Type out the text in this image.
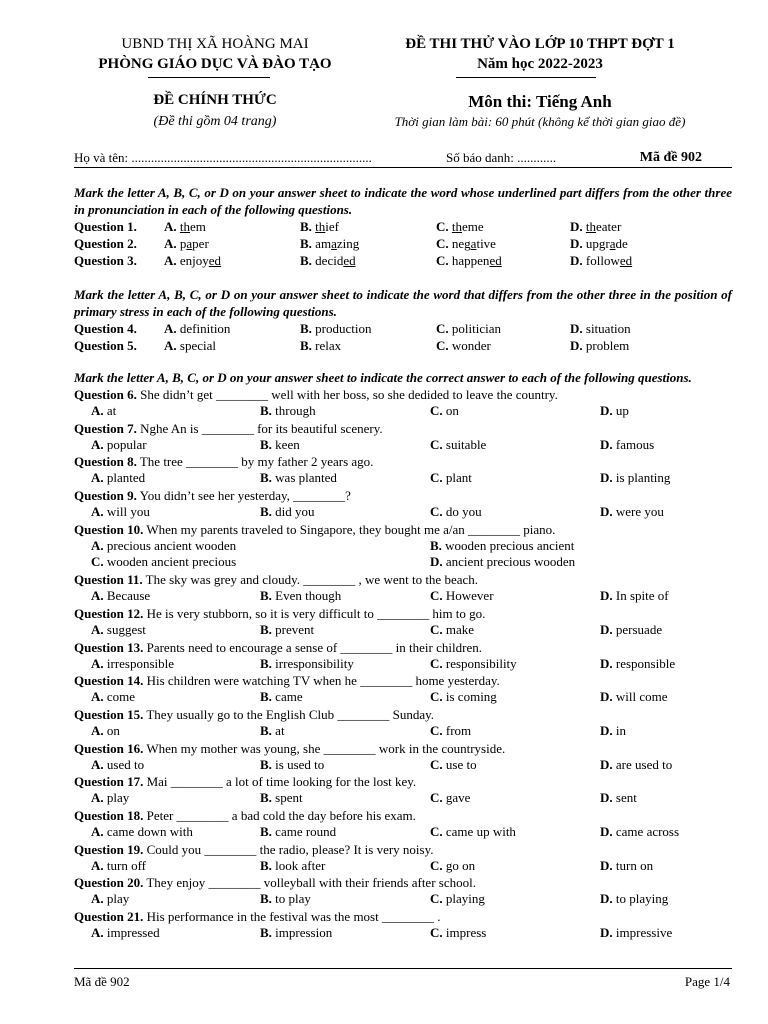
UBND THỊ XÃ HOÀNG MAI
PHÒNG GIÁO DỤC VÀ ĐÀO TẠO
ĐỀ CHÍNH THỨC
(Đề thi gồm 04 trang)
ĐỀ THI THỬ VÀO LỚP 10 THPT ĐỢT 1
Năm học 2022-2023
Môn thi: Tiếng Anh
Thời gian làm bài: 60 phút (không kể thời gian giao đề)
Họ và tên: ..........................................................................	Số báo danh: ............	Mã đề 902
Mark the letter A, B, C, or D on your answer sheet to indicate the word whose underlined part differs from the other three in pronunciation in each of the following questions.
Question 1. A. them	B. thief	C. theme	D. theater
Question 2. A. paper	B. amazing	C. negative	D. upgrade
Question 3. A. enjoyed	B. decided	C. happened	D. followed
Mark the letter A, B, C, or D on your answer sheet to indicate the word that differs from the other three in the position of primary stress in each of the following questions.
Question 4. A. definition	B. production	C. politician	D. situation
Question 5. A. special	B. relax	C. wonder	D. problem
Mark the letter A, B, C, or D on your answer sheet to indicate the correct answer to each of the following questions.
Question 6. She didn’t get ________ well with her boss, so she dedided to leave the country.
A. at	B. through	C. on	D. up
Question 7. Nghe An is ________ for its beautiful scenery.
A. popular	B. keen	C. suitable	D. famous
Question 8. The tree ________ by my father 2 years ago.
A. planted	B. was planted	C. plant	D. is planting
Question 9. You didn’t see her yesterday, ________?
A. will you	B. did you	C. do you	D. were you
Question 10. When my parents traveled to Singapore, they bought me a/an ________ piano.
A. precious ancient wooden	B. wooden precious ancient
C. wooden ancient precious	D. ancient precious wooden
Question 11. The sky was grey and cloudy. ________ , we went to the beach.
A. Because	B. Even though	C. However	D. In spite of
Question 12. He is very stubborn, so it is very difficult to ________ him to go.
A. suggest	B. prevent	C. make	D. persuade
Question 13. Parents need to encourage a sense of ________ in their children.
A. irresponsible	B. irresponsibility	C. responsibility	D. responsible
Question 14. His children were watching TV when he ________ home yesterday.
A. come	B. came	C. is coming	D. will come
Question 15. They usually go to the English Club ________ Sunday.
A. on	B. at	C. from	D. in
Question 16. When my mother was young, she ________ work in the countryside.
A. used to	B. is used to	C. use to	D. are used to
Question 17. Mai ________ a lot of time looking for the lost key.
A. play	B. spent	C. gave	D. sent
Question 18. Peter ________ a bad cold the day before his exam.
A. came down with	B. came round	C. came up with	D. came across
Question 19. Could you ________ the radio, please? It is very noisy.
A. turn off	B. look after	C. go on	D. turn on
Question 20. They enjoy ________ volleyball with their friends after school.
A. play	B. to play	C. playing	D. to playing
Question 21. His performance in the festival was the most ________ .
A. impressed	B. impression	C. impress	D. impressive
Mã đề 902	Page 1/4
